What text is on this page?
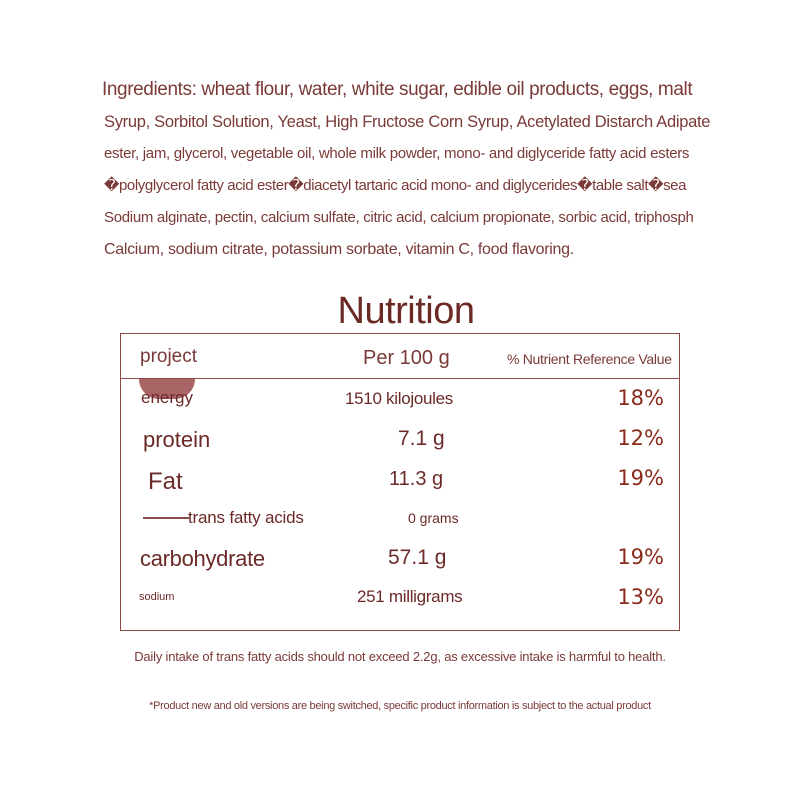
Ingredients: wheat flour, water, white sugar, edible oil products, eggs, malt
Syrup, Sorbitol Solution, Yeast, High Fructose Corn Syrup, Acetylated Distarch Adipate
ester, jam, glycerol, vegetable oil, whole milk powder, mono- and diglyceride fatty acid esters
�polyglycerol fatty acid ester�diacetyl tartaric acid mono- and diglycerides�table salt�sea
Sodium alginate, pectin, calcium sulfate, citric acid, calcium propionate, sorbic acid, triphosph
Calcium, sodium citrate, potassium sorbate, vitamin C, food flavoring.
Nutrition
project	Per 100 g	% Nutrient Reference Value
energy	1510 kilojoules	18%
protein	7.1 g	12%
Fat	11.3 g	19%
trans fatty acids	0 grams
carbohydrate	57.1 g	19%
sodium	251 milligrams	13%
Daily intake of trans fatty acids should not exceed 2.2g, as excessive intake is harmful to health.
*Product new and old versions are being switched, specific product information is subject to the actual product
